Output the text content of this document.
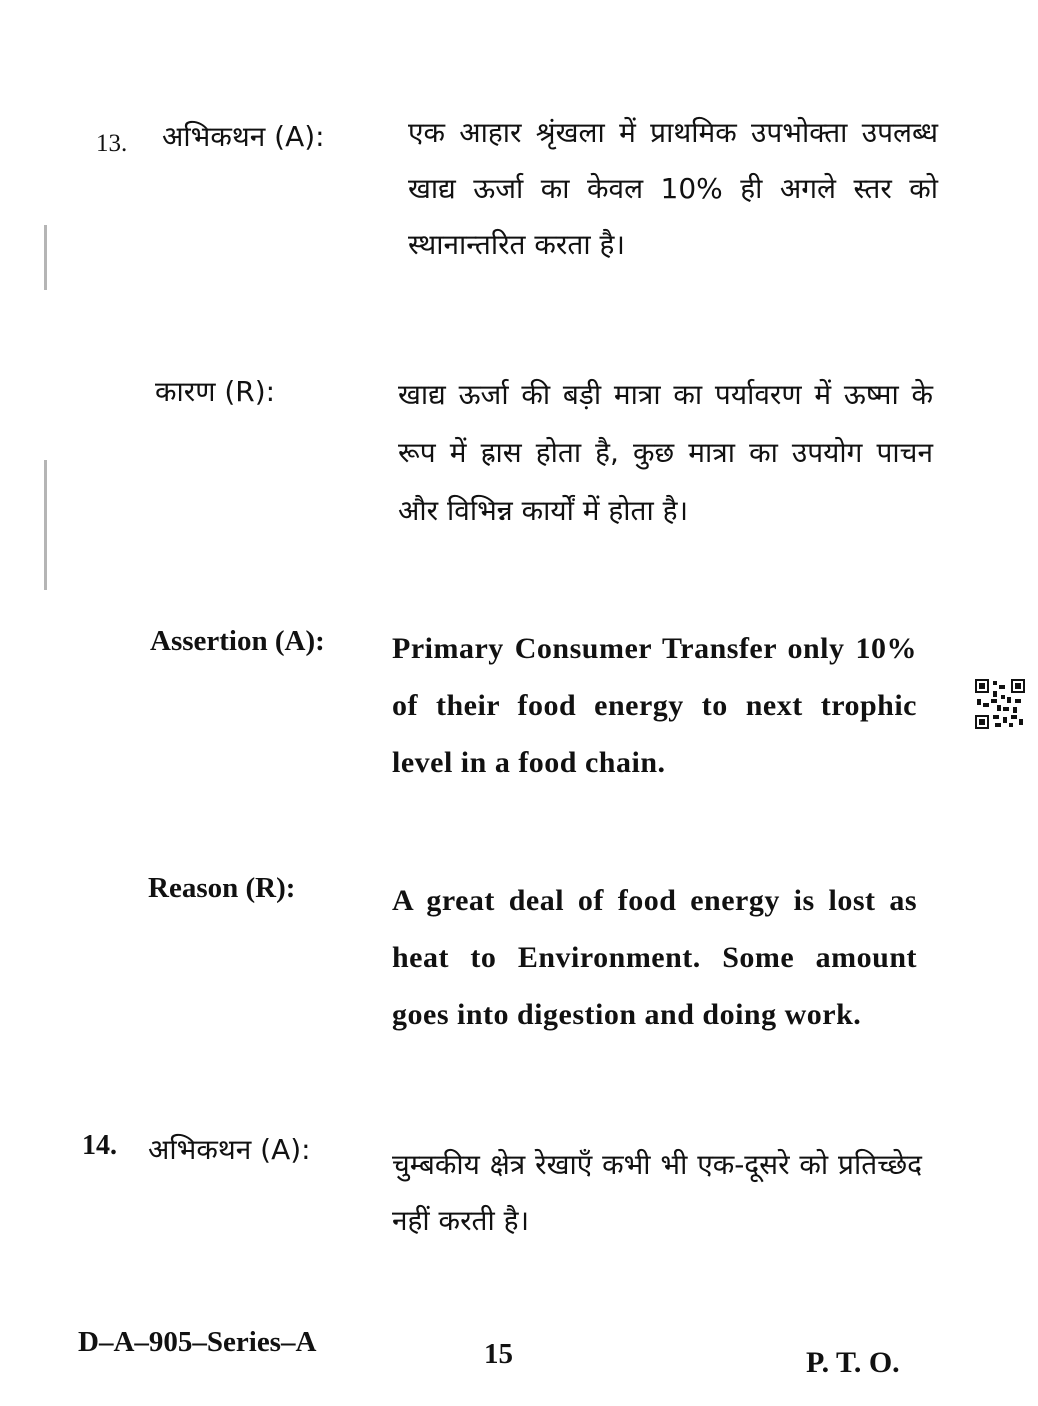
13. अभिकथन (A):	एक आहार श्रृंखला में प्राथमिक उपभोक्ता उपलब्ध खाद्य ऊर्जा का केवल 10% ही अगले स्तर को स्थानान्तरित करता है।
कारण (R):	खाद्य ऊर्जा की बड़ी मात्रा का पर्यावरण में ऊष्मा के रूप में ह्रास होता है, कुछ मात्रा का उपयोग पाचन और विभिन्न कार्यों में होता है।
Assertion (A): Primary Consumer Transfer only 10% of their food energy to next trophic level in a food chain.
Reason (R):	A great deal of food energy is lost as heat to Environment. Some amount goes into digestion and doing work.
14. अभिकथन (A):	चुम्बकीय क्षेत्र रेखाएँ कभी भी एक-दूसरे को प्रतिच्छेद नहीं करती है।
D–A–905–Series–A	15	P. T. O.
